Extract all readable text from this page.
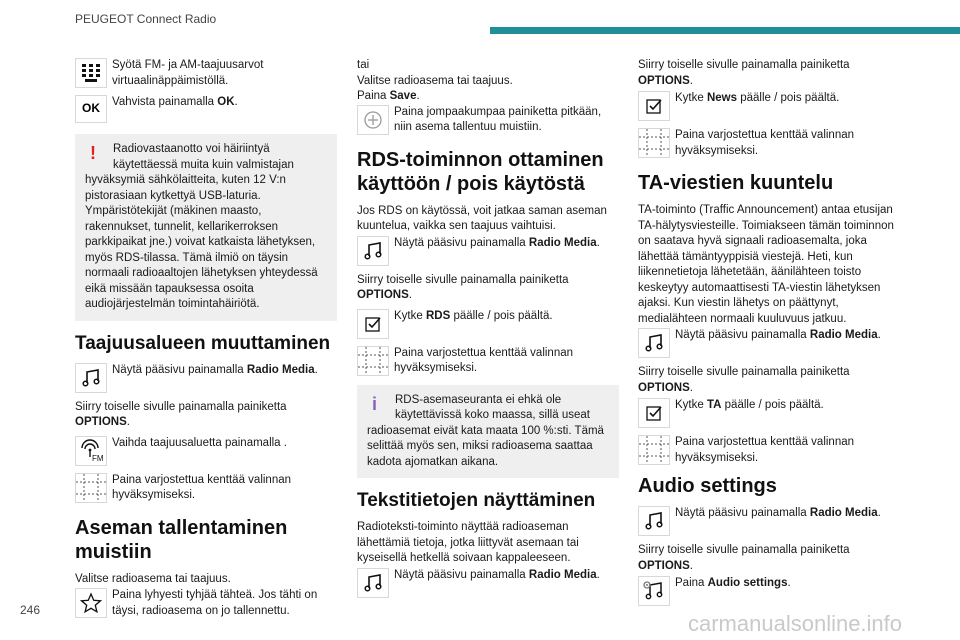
PEUGEOT Connect Radio
Syötä FM- ja AM-taajuusarvot virtuaalinäppäimistöllä.
OK	Vahvista painamalla OK.
!	Radiovastaanotto voi häiriintyä käytettäessä muita kuin valmistajan
hyväksymiä sähkölaitteita, kuten 12 V:n pistorasiaan kytkettyä USB-laturia. Ympäristötekijät (mäkinen maasto, rakennukset, tunnelit, kellarikerroksen parkkipaikat jne.) voivat katkaista lähetyksen, myös RDS-tilassa. Tämä ilmiö on täysin normaali radioaaltojen lähetyksen yhteydessä eikä missään tapauksessa osoita audiojärjestelmän toimintahäiriötä.
Taajuusalueen muuttaminen
Näytä pääsivu painamalla Radio Media.

Siirry toiselle sivulle painamalla painiketta OPTIONS.

FM
Vaihda taajuusaluetta painamalla .
Paina varjostettua kenttää valinnan hyväksymiseksi.
Aseman tallentaminen muistiin

Valitse radioasema tai taajuus.

Paina lyhyesti tyhjää tähteä. Jos tähti on täysi, radioasema on jo tallennettu.

tai
Valitse radioasema tai taajuus.
Paina Save.

Paina jompaakumpaa painiketta pitkään, niin asema tallentuu muistiin.
RDS-toiminnon ottaminen käyttöön / pois käytöstä

Jos RDS on käytössä, voit jatkaa saman aseman kuuntelua, vaikka sen taajuus vaihtuisi.

Näytä pääsivu painamalla Radio Media.

Siirry toiselle sivulle painamalla painiketta OPTIONS.

Kytke RDS päälle / pois päältä.
Paina varjostettua kenttää valinnan hyväksymiseksi.
i	RDS-asemaseuranta ei ehkä ole käytettävissä koko maassa, sillä useat
radioasemat eivät kata maata 100 %:sti. Tämä selittää myös sen, miksi radioasema saattaa kadota ajomatkan aikana.
Tekstitietojen näyttäminen

Radioteksti-toiminto näyttää radioaseman lähettämiä tietoja, jotka liittyvät asemaan tai kyseisellä hetkellä soivaan kappaleeseen.

Näytä pääsivu painamalla Radio Media.

Siirry toiselle sivulle painamalla painiketta OPTIONS.

Kytke News päälle / pois päältä.
Paina varjostettua kenttää valinnan hyväksymiseksi.
TA-viestien kuuntelu

TA-toiminto (Traffic Announcement) antaa etusijan TA-hälytysviesteille. Toimiakseen tämän toiminnon on saatava hyvä signaali radioasemalta, joka lähettää tämäntyyppisiä viestejä. Heti, kun liikennetietoja lähetetään, äänilähteen toisto keskeytyy automaattisesti TA-viestin lähetyksen ajaksi. Kun viestin lähetys on päättynyt, medialähteen normaali kuuluvuus jatkuu.

Näytä pääsivu painamalla Radio Media.

Siirry toiselle sivulle painamalla painiketta OPTIONS.

Kytke TA päälle / pois päältä.
Paina varjostettua kenttää valinnan hyväksymiseksi.
Audio settings
Näytä pääsivu painamalla Radio Media.

Siirry toiselle sivulle painamalla painiketta OPTIONS.

Paina Audio settings.
246
carmanualsonline.info
